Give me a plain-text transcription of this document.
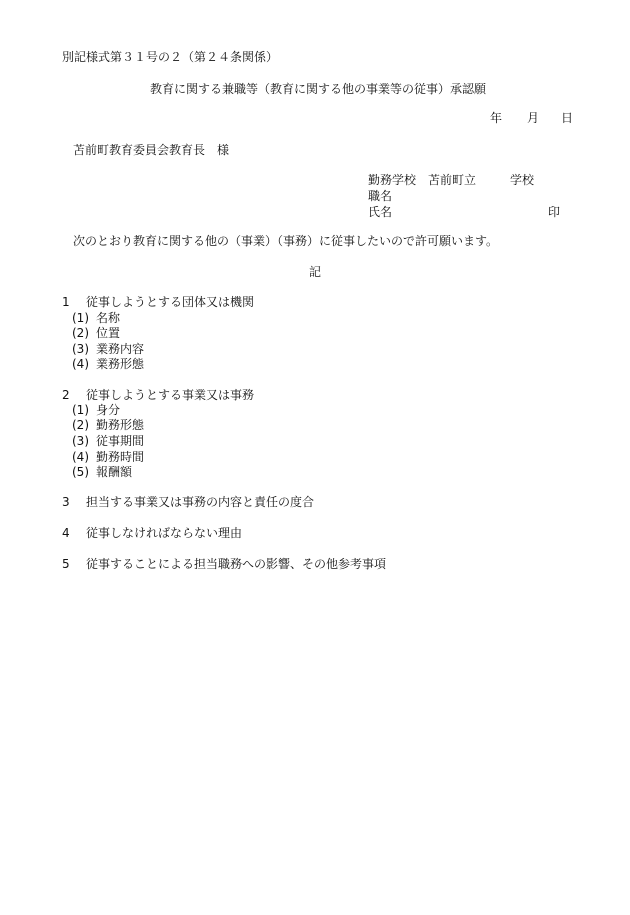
別記様式第３１号の２（第２４条関係）
教育に関する兼職等（教育に関する他の事業等の従事）承認願
年 月 日
苫前町教育委員会教育長　様
勤務学校 苫前町立	学校
職名
氏名	印
次のとおり教育に関する他の（事業）（事務）に従事したいので許可願います。
記
1 従事しようとする団体又は機関
(1) 名称
(2) 位置
(3) 業務内容
(4) 業務形態
2 従事しようとする事業又は事務
(1) 身分
(2) 勤務形態
(3) 従事期間
(4) 勤務時間
(5) 報酬額
3 担当する事業又は事務の内容と責任の度合
4 従事しなければならない理由
5 従事することによる担当職務への影響、その他参考事項
